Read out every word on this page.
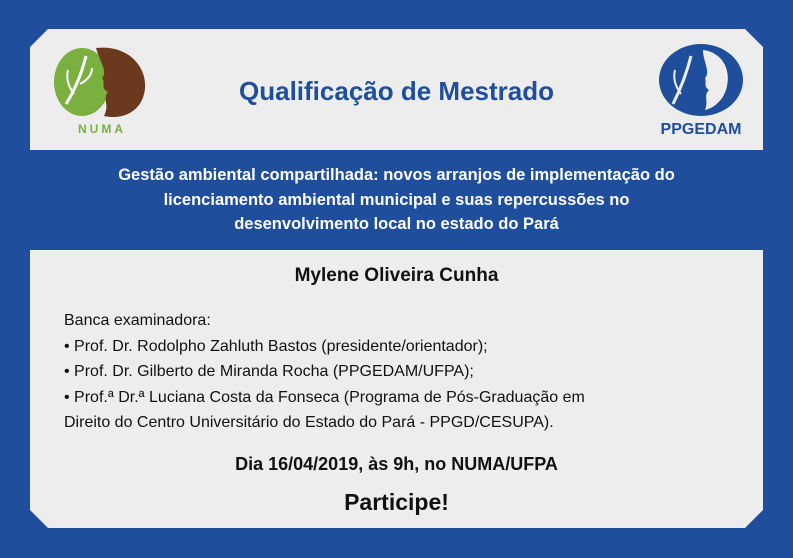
NUMA	PPGEDAM
Qualificação de Mestrado
Gestão ambiental compartilhada: novos arranjos de implementação do
licenciamento ambiental municipal e suas repercussões no
desenvolvimento local no estado do Pará
Mylene Oliveira Cunha
Banca examinadora:
• Prof. Dr. Rodolpho Zahluth Bastos (presidente/orientador);
• Prof. Dr. Gilberto de Miranda Rocha (PPGEDAM/UFPA);
• Prof.ª Dr.ª Luciana Costa da Fonseca (Programa de Pós-Graduação em
Direito do Centro Universitário do Estado do Pará - PPGD/CESUPA).
Dia 16/04/2019, às 9h, no NUMA/UFPA
Participe!
